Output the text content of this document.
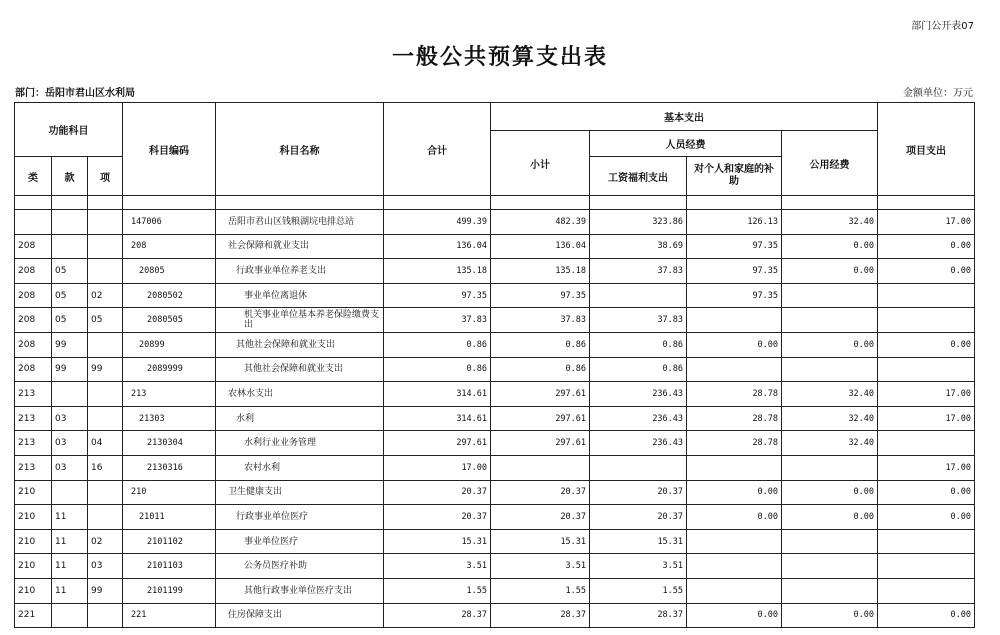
部门公开表07
一般公共预算支出表
部门：岳阳市君山区水利局	金额单位：万元
功能科目			科目编码	科目名称	合计	基本支出				项目支出
						小计	人员经费		公用经费	
类	款	项					工资福利支出	对个人和家庭的补助		

			147006	岳阳市君山区钱粮湖垸电排总站	499.39	482.39	323.86	126.13	32.40	17.00
208			208	社会保障和就业支出	136.04	136.04	38.69	97.35	0.00	0.00
208	05		20805	行政事业单位养老支出	135.18	135.18	37.83	97.35	0.00	0.00
208	05	02	2080502	事业单位离退休	97.35	97.35		97.35		
208	05	05	2080505	机关事业单位基本养老保险缴费支出	37.83	37.83	37.83			
208	99		20899	其他社会保障和就业支出	0.86	0.86	0.86	0.00	0.00	0.00
208	99	99	2089999	其他社会保障和就业支出	0.86	0.86	0.86			
213			213	农林水支出	314.61	297.61	236.43	28.78	32.40	17.00
213	03		21303	水利	314.61	297.61	236.43	28.78	32.40	17.00
213	03	04	2130304	水利行业业务管理	297.61	297.61	236.43	28.78	32.40	
213	03	16	2130316	农村水利	17.00					17.00
210			210	卫生健康支出	20.37	20.37	20.37	0.00	0.00	0.00
210	11		21011	行政事业单位医疗	20.37	20.37	20.37	0.00	0.00	0.00
210	11	02	2101102	事业单位医疗	15.31	15.31	15.31			
210	11	03	2101103	公务员医疗补助	3.51	3.51	3.51			
210	11	99	2101199	其他行政事业单位医疗支出	1.55	1.55	1.55			
221			221	住房保障支出	28.37	28.37	28.37	0.00	0.00	0.00
